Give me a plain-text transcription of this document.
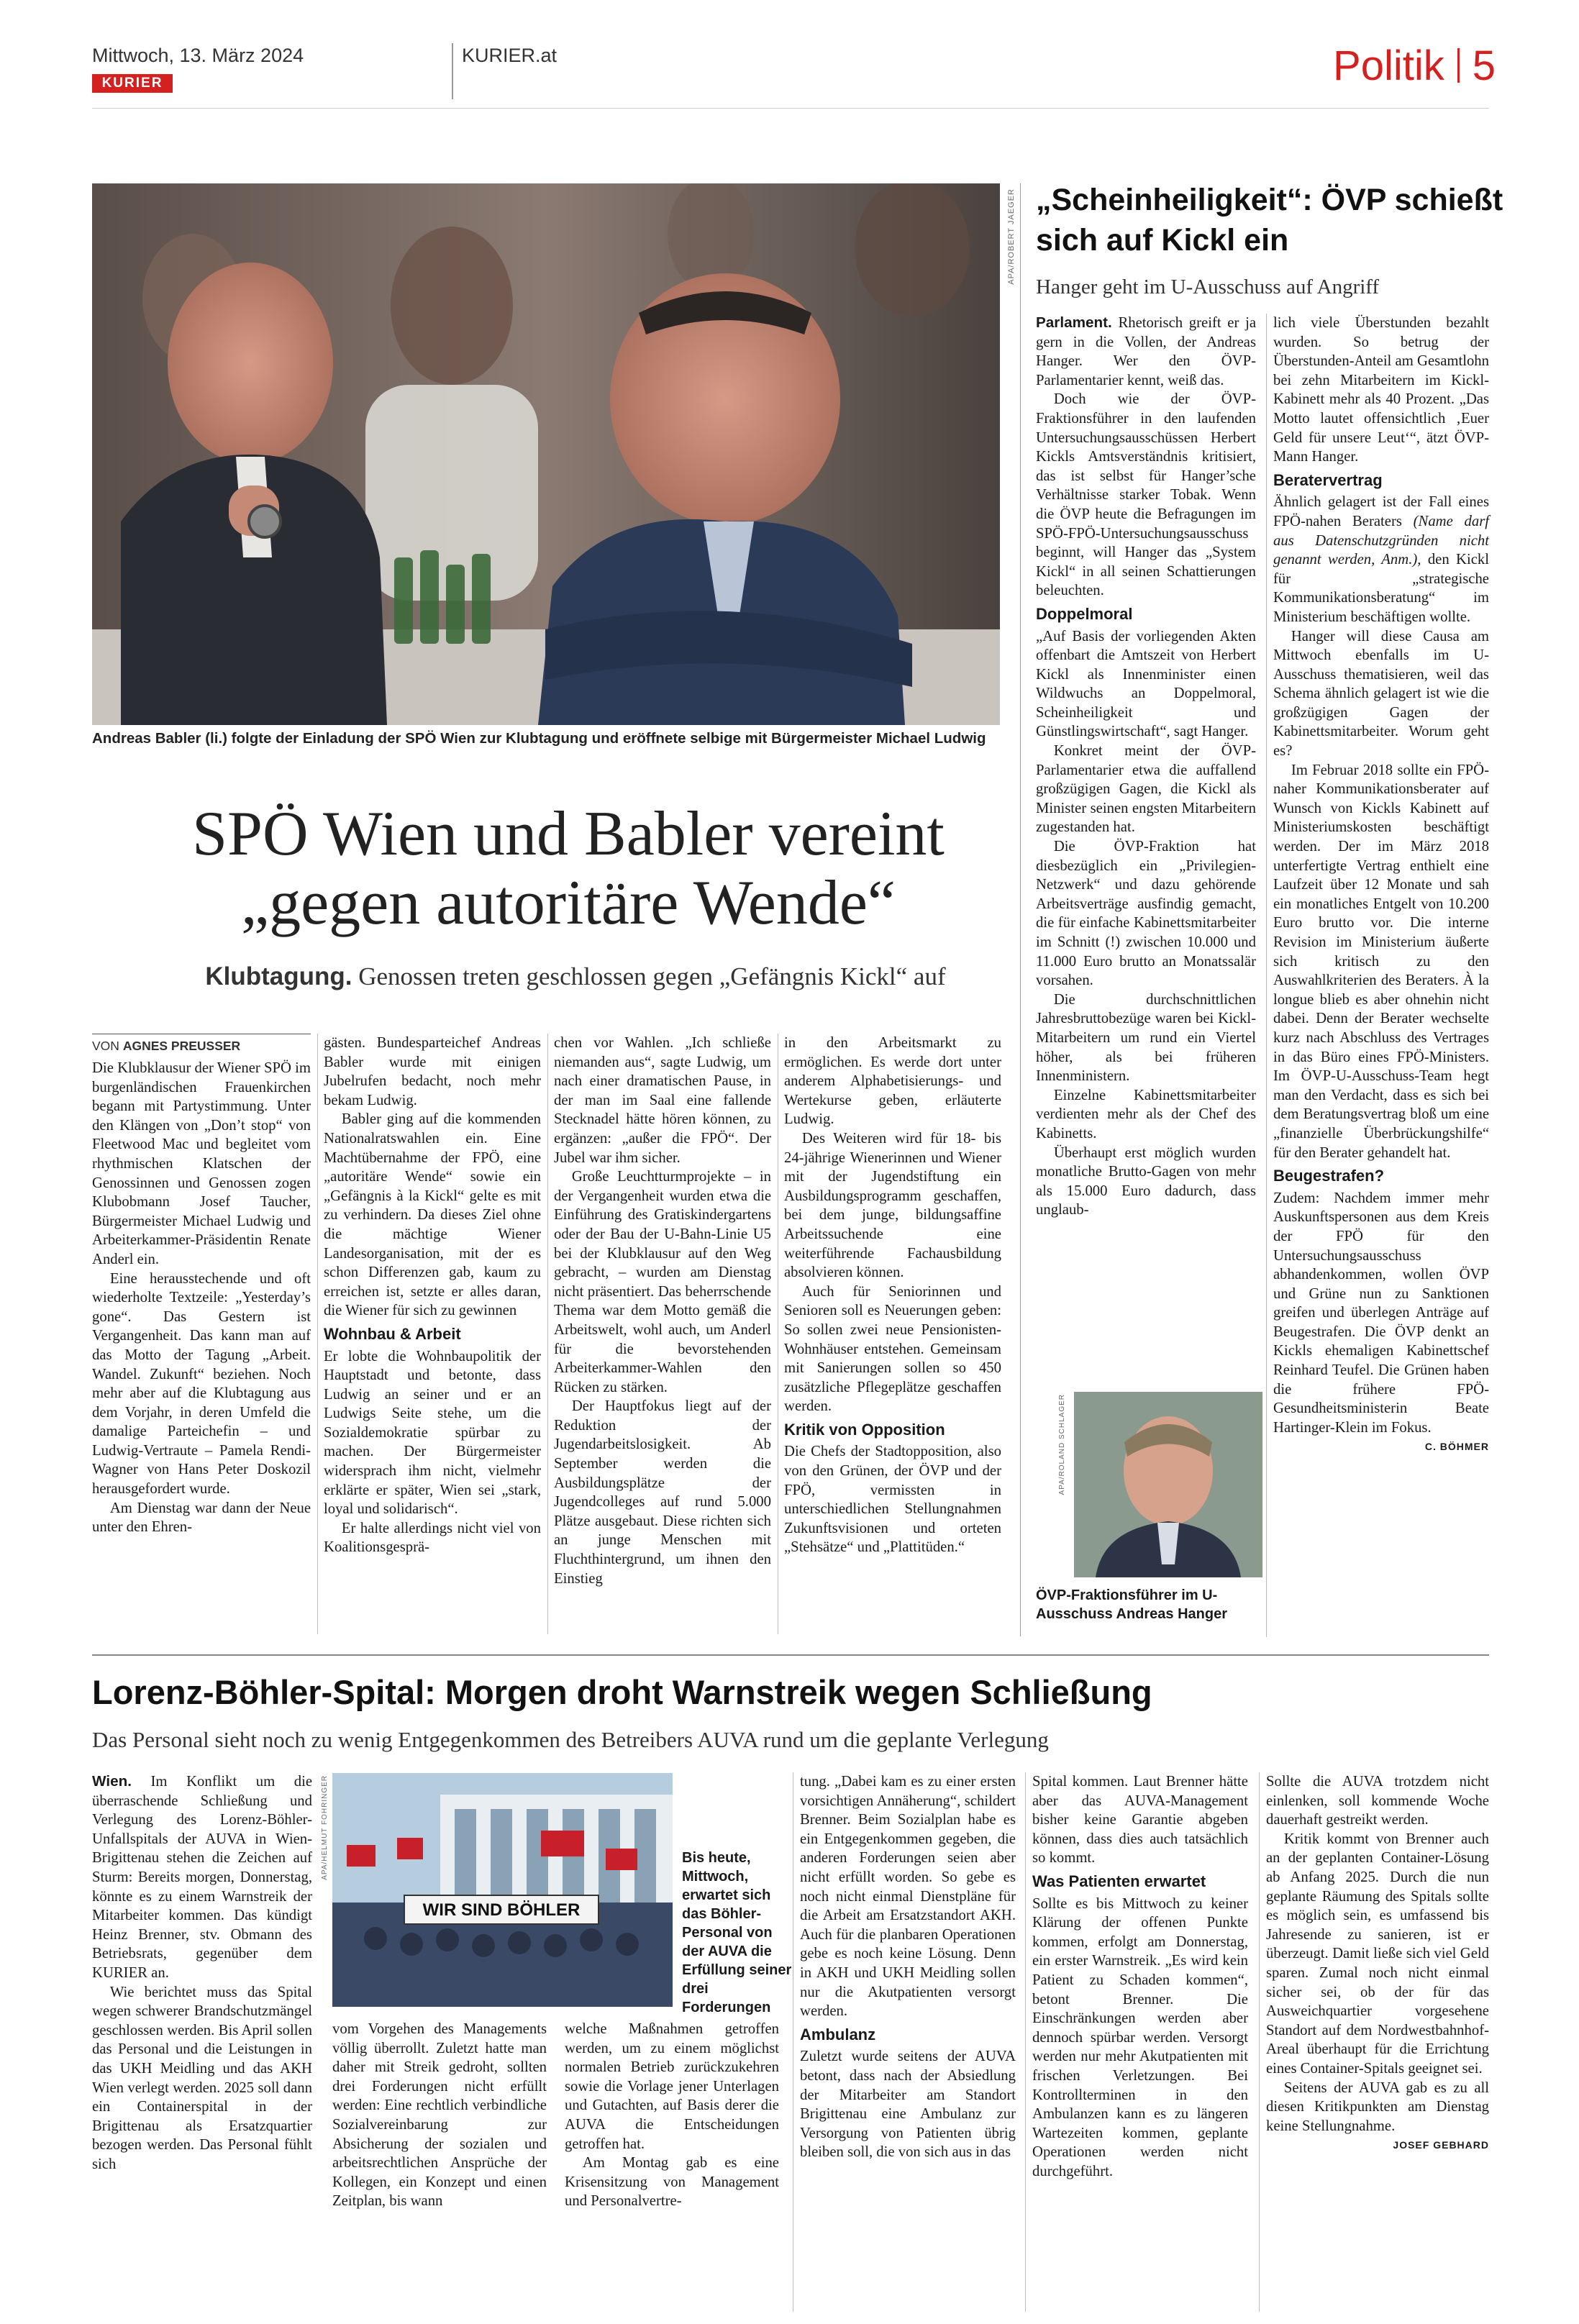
Mittwoch, 13. März 2024
KURIER
KURIER.at	Politik 5
APA/ROBERT JAEGER
Andreas Babler (li.) folgte der Einladung der SPÖ Wien zur Klubtagung und eröffnete selbige mit Bürgermeister Michael Ludwig
SPÖ Wien und Babler vereint
„gegen autoritäre Wende“
Klubtagung. Genossen treten geschlossen gegen „Gefängnis Kickl“ auf
VON AGNES PREUSSER

Die Klubklausur der Wiener SPÖ im burgenländischen Frauenkirchen begann mit Partystimmung. Unter den Klängen von „Don’t stop“ von Fleetwood Mac und begleitet vom rhythmischen Klatschen der Genossinnen und Genossen zogen Klubobmann Josef Taucher, Bürgermeister Michael Ludwig und Arbeiterkammer-Präsidentin Renate Anderl ein.

Eine herausstechende und oft wiederholte Textzeile: „Yesterday’s gone“. Das Gestern ist Vergangenheit. Das kann man auf das Motto der Tagung „Arbeit. Wandel. Zukunft“ beziehen. Noch mehr aber auf die Klubtagung aus dem Vorjahr, in deren Umfeld die damalige Parteichefin – und Ludwig-Vertraute – Pamela Rendi-Wagner von Hans Peter Doskozil herausgefordert wurde.

Am Dienstag war dann der Neue unter den Ehren-

gästen. Bundesparteichef Andreas Babler wurde mit einigen Jubelrufen bedacht, noch mehr bekam Ludwig.

Babler ging auf die kommenden Nationalratswahlen ein. Eine Machtübernahme der FPÖ, eine „autoritäre Wende“ sowie ein „Gefängnis à la Kickl“ gelte es mit zu verhindern. Da dieses Ziel ohne die mächtige Wiener Landesorganisation, mit der es schon Differenzen gab, kaum zu erreichen ist, setzte er alles daran, die Wiener für sich zu gewinnen

Wohnbau & Arbeit

Er lobte die Wohnbaupolitik der Hauptstadt und betonte, dass Ludwig an seiner und er an Ludwigs Seite stehe, um die Sozialdemokratie spürbar zu machen. Der Bürgermeister widersprach ihm nicht, vielmehr erklärte er später, Wien sei „stark, loyal und solidarisch“.

Er halte allerdings nicht viel von Koalitionsgesprä-

chen vor Wahlen. „Ich schließe niemanden aus“, sagte Ludwig, um nach einer dramatischen Pause, in der man im Saal eine fallende Stecknadel hätte hören können, zu ergänzen: „außer die FPÖ“. Der Jubel war ihm sicher.

Große Leuchtturmprojekte – in der Vergangenheit wurden etwa die Einführung des Gratiskindergartens oder der Bau der U-Bahn-Linie U5 bei der Klubklausur auf den Weg gebracht, – wurden am Dienstag nicht präsentiert. Das beherrschende Thema war dem Motto gemäß die Arbeitswelt, wohl auch, um Anderl für die bevorstehenden Arbeiterkammer-Wahlen den Rücken zu stärken.

Der Hauptfokus liegt auf der Reduktion der Jugendarbeitslosigkeit. Ab September werden die Ausbildungsplätze der Jugendcolleges auf rund 5.000 Plätze ausgebaut. Diese richten sich an junge Menschen mit Fluchthintergrund, um ihnen den Einstieg

in den Arbeitsmarkt zu ermöglichen. Es werde dort unter anderem Alphabetisierungs- und Wertekurse geben, erläuterte Ludwig.

Des Weiteren wird für 18- bis 24-jährige Wienerinnen und Wiener mit der Jugendstiftung ein Ausbildungsprogramm geschaffen, bei dem junge, bildungsaffine Arbeitssuchende eine weiterführende Fachausbildung absolvieren können.

Auch für Seniorinnen und Senioren soll es Neuerungen geben: So sollen zwei neue Pensionisten-Wohnhäuser entstehen. Gemeinsam mit Sanierungen sollen so 450 zusätzliche Pflegeplätze geschaffen werden.

Kritik von Opposition

Die Chefs der Stadtopposition, also von den Grünen, der ÖVP und der FPÖ, vermissten in unterschiedlichen Stellungnahmen Zukunftsvisionen und orteten „Stehsätze“ und „Plattitüden.“

„Scheinheiligkeit“: ÖVP schießt sich auf Kickl ein
Hanger geht im U-Ausschuss auf Angriff

Parlament. Rhetorisch greift er ja gern in die Vollen, der Andreas Hanger. Wer den ÖVP-Parlamentarier kennt, weiß das.

Doch wie der ÖVP-Fraktionsführer in den laufenden Untersuchungsausschüssen Herbert Kickls Amtsverständnis kritisiert, das ist selbst für Hanger’sche Verhältnisse starker Tobak. Wenn die ÖVP heute die Befragungen im SPÖ-FPÖ-Untersuchungsausschuss beginnt, will Hanger das „System Kickl“ in all seinen Schattierungen beleuchten.

Doppelmoral

„Auf Basis der vorliegenden Akten offenbart die Amtszeit von Herbert Kickl als Innenminister einen Wildwuchs an Doppelmoral, Scheinheiligkeit und Günstlingswirtschaft“, sagt Hanger.

Konkret meint der ÖVP-Parlamentarier etwa die auffallend großzügigen Gagen, die Kickl als Minister seinen engsten Mitarbeitern zugestanden hat.

Die ÖVP-Fraktion hat diesbezüglich ein „Privilegien-Netzwerk“ und dazu gehörende Arbeitsverträge ausfindig gemacht, die für einfache Kabinettsmitarbeiter im Schnitt (!) zwischen 10.000 und 11.000 Euro brutto an Monatssalär vorsahen.

Die durchschnittlichen Jahresbruttobezüge waren bei Kickl-Mitarbeitern um rund ein Viertel höher, als bei früheren Innenministern.

Einzelne Kabinettsmitarbeiter verdienten mehr als der Chef des Kabinetts.

Überhaupt erst möglich wurden monatliche Brutto-Gagen von mehr als 15.000 Euro dadurch, dass unglaub-

APA/ROLAND SCHLAGER
ÖVP-Fraktionsführer im U-Ausschuss Andreas Hanger

lich viele Überstunden bezahlt wurden. So betrug der Überstunden-Anteil am Gesamtlohn bei zehn Mitarbeitern im Kickl-Kabinett mehr als 40 Prozent. „Das Motto lautet offensichtlich ‚Euer Geld für unsere Leut‘“, ätzt ÖVP-Mann Hanger.

Beratervertrag

Ähnlich gelagert ist der Fall eines FPÖ-nahen Beraters (Name darf aus Datenschutzgründen nicht genannt werden, Anm.), den Kickl für „strategische Kommunikationsberatung“ im Ministerium beschäftigen wollte.

Hanger will diese Causa am Mittwoch ebenfalls im U-Ausschuss thematisieren, weil das Schema ähnlich gelagert ist wie die großzügigen Gagen der Kabinettsmitarbeiter. Worum geht es?

Im Februar 2018 sollte ein FPÖ-naher Kommunikationsberater auf Wunsch von Kickls Kabinett auf Ministeriumskosten beschäftigt werden. Der im März 2018 unterfertigte Vertrag enthielt eine Laufzeit über 12 Monate und sah ein monatliches Entgelt von 10.200 Euro brutto vor. Die interne Revision im Ministerium äußerte sich kritisch zu den Auswahlkriterien des Beraters. À la longue blieb es aber ohnehin nicht dabei. Denn der Berater wechselte kurz nach Abschluss des Vertrages in das Büro eines FPÖ-Ministers. Im ÖVP-U-Ausschuss-Team hegt man den Verdacht, dass es sich bei dem Beratungsvertrag bloß um eine „finanzielle Überbrückungshilfe“ für den Berater gehandelt hat.

Beugestrafen?

Zudem: Nachdem immer mehr Auskunftspersonen aus dem Kreis der FPÖ für den Untersuchungsausschuss abhandenkommen, wollen ÖVP und Grüne nun zu Sanktionen greifen und überlegen Anträge auf Beugestrafen. Die ÖVP denkt an Kickls ehemaligen Kabinettschef Reinhard Teufel. Die Grünen haben die frühere FPÖ-Gesundheitsministerin Beate Hartinger-Klein im Fokus.

C. BÖHMER
Lorenz-Böhler-Spital: Morgen droht Warnstreik wegen Schließung
Das Personal sieht noch zu wenig Entgegenkommen des Betreibers AUVA rund um die geplante Verlegung

Wien. Im Konflikt um die überraschende Schließung und Verlegung des Lorenz-Böhler-Unfallspitals der AUVA in Wien-Brigittenau stehen die Zeichen auf Sturm: Bereits morgen, Donnerstag, könnte es zu einem Warnstreik der Mitarbeiter kommen. Das kündigt Heinz Brenner, stv. Obmann des Betriebsrats, gegenüber dem KURIER an.

Wie berichtet muss das Spital wegen schwerer Brandschutzmängel geschlossen werden. Bis April sollen das Personal und die Leistungen in das UKH Meidling und das AKH Wien verlegt werden. 2025 soll dann ein Containerspital in der Brigittenau als Ersatzquartier bezogen werden. Das Personal fühlt sich

WIR SIND BÖHLER
APA/HELMUT FOHRINGER	Bis heute, Mittwoch, erwartet sich das Böhler-Personal von der AUVA die Erfüllung seiner drei Forderungen

vom Vorgehen des Managements völlig überrollt. Zuletzt hatte man daher mit Streik gedroht, sollten drei Forderungen nicht erfüllt werden: Eine rechtlich verbindliche Sozialvereinbarung zur Absicherung der sozialen und arbeitsrechtlichen Ansprüche der Kollegen, ein Konzept und einen Zeitplan, bis wann

welche Maßnahmen getroffen werden, um zu einem möglichst normalen Betrieb zurückzukehren sowie die Vorlage jener Unterlagen und Gutachten, auf Basis derer die AUVA die Entscheidungen getroffen hat.

Am Montag gab es eine Krisensitzung von Management und Personalvertre-

tung. „Dabei kam es zu einer ersten vorsichtigen Annäherung“, schildert Brenner. Beim Sozialplan habe es ein Entgegenkommen gegeben, die anderen Forderungen seien aber nicht erfüllt worden. So gebe es noch nicht einmal Dienstpläne für die Arbeit am Ersatzstandort AKH. Auch für die planbaren Operationen gebe es noch keine Lösung. Denn in AKH und UKH Meidling sollen nur die Akutpatienten versorgt werden.

Ambulanz

Zuletzt wurde seitens der AUVA betont, dass nach der Absiedlung der Mitarbeiter am Standort Brigittenau eine Ambulanz zur Versorgung von Patienten übrig bleiben soll, die von sich aus in das

Spital kommen. Laut Brenner hätte aber das AUVA-Management bisher keine Garantie abgeben können, dass dies auch tatsächlich so kommt.

Was Patienten erwartet

Sollte es bis Mittwoch zu keiner Klärung der offenen Punkte kommen, erfolgt am Donnerstag, ein erster Warnstreik. „Es wird kein Patient zu Schaden kommen“, betont Brenner. Die Einschränkungen werden aber dennoch spürbar werden. Versorgt werden nur mehr Akutpatienten mit frischen Verletzungen. Bei Kontrollterminen in den Ambulanzen kann es zu längeren Wartezeiten kommen, geplante Operationen werden nicht durchgeführt.

Sollte die AUVA trotzdem nicht einlenken, soll kommende Woche dauerhaft gestreikt werden.

Kritik kommt von Brenner auch an der geplanten Container-Lösung ab Anfang 2025. Durch die nun geplante Räumung des Spitals sollte es möglich sein, es umfassend bis Jahresende zu sanieren, ist er überzeugt. Damit ließe sich viel Geld sparen. Zumal noch nicht einmal sicher sei, ob der für das Ausweichquartier vorgesehene Standort auf dem Nordwestbahnhof-Areal überhaupt für die Errichtung eines Container-Spitals geeignet sei.

Seitens der AUVA gab es zu all diesen Kritikpunkten am Dienstag keine Stellungnahme.

JOSEF GEBHARD
